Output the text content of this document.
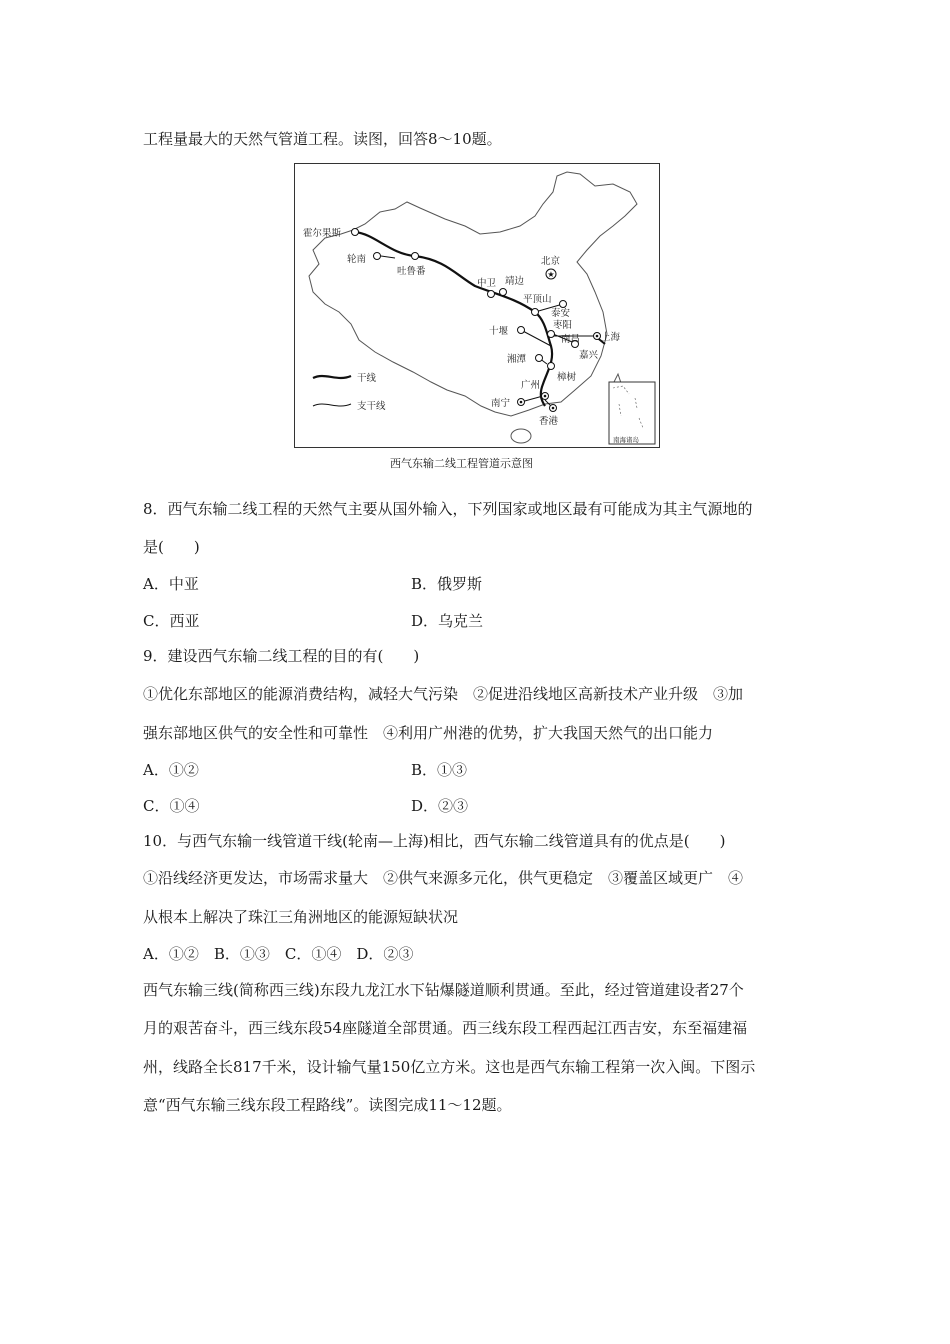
工程量最大的天然气管道工程。读图，回答8～10题。
★
霍尔果斯
轮南
吐鲁番
北京
中卫 靖边
平顶山
泰安
十堰
枣阳
上海
南昌
嘉兴
湘潭
樟树
广州
南宁
香港
干线
支干线
南海诸岛
西气东输二线工程管道示意图
8．西气东输二线工程的天然气主要从国外输入，下列国家或地区最有可能成为其主气源地的
是(　　)
A．中亚	B．俄罗斯
C．西亚	D．乌克兰
9．建设西气东输二线工程的目的有(　　)
①优化东部地区的能源消费结构，减轻大气污染　②促进沿线地区高新技术产业升级　③加
强东部地区供气的安全性和可靠性　④利用广州港的优势，扩大我国天然气的出口能力
A．①②	B．①③
C．①④	D．②③
10．与西气东输一线管道干线(轮南—上海)相比，西气东输二线管道具有的优点是(　　)
①沿线经济更发达，市场需求量大　②供气来源多元化，供气更稳定　③覆盖区域更广　④
从根本上解决了珠江三角洲地区的能源短缺状况
A．①②　B．①③　C．①④　D．②③
西气东输三线(简称西三线)东段九龙江水下钻爆隧道顺利贯通。至此，经过管道建设者27个
月的艰苦奋斗，西三线东段54座隧道全部贯通。西三线东段工程西起江西吉安，东至福建福
州，线路全长817千米，设计输气量150亿立方米。这也是西气东输工程第一次入闽。下图示
意“西气东输三线东段工程路线”。读图完成11～12题。
